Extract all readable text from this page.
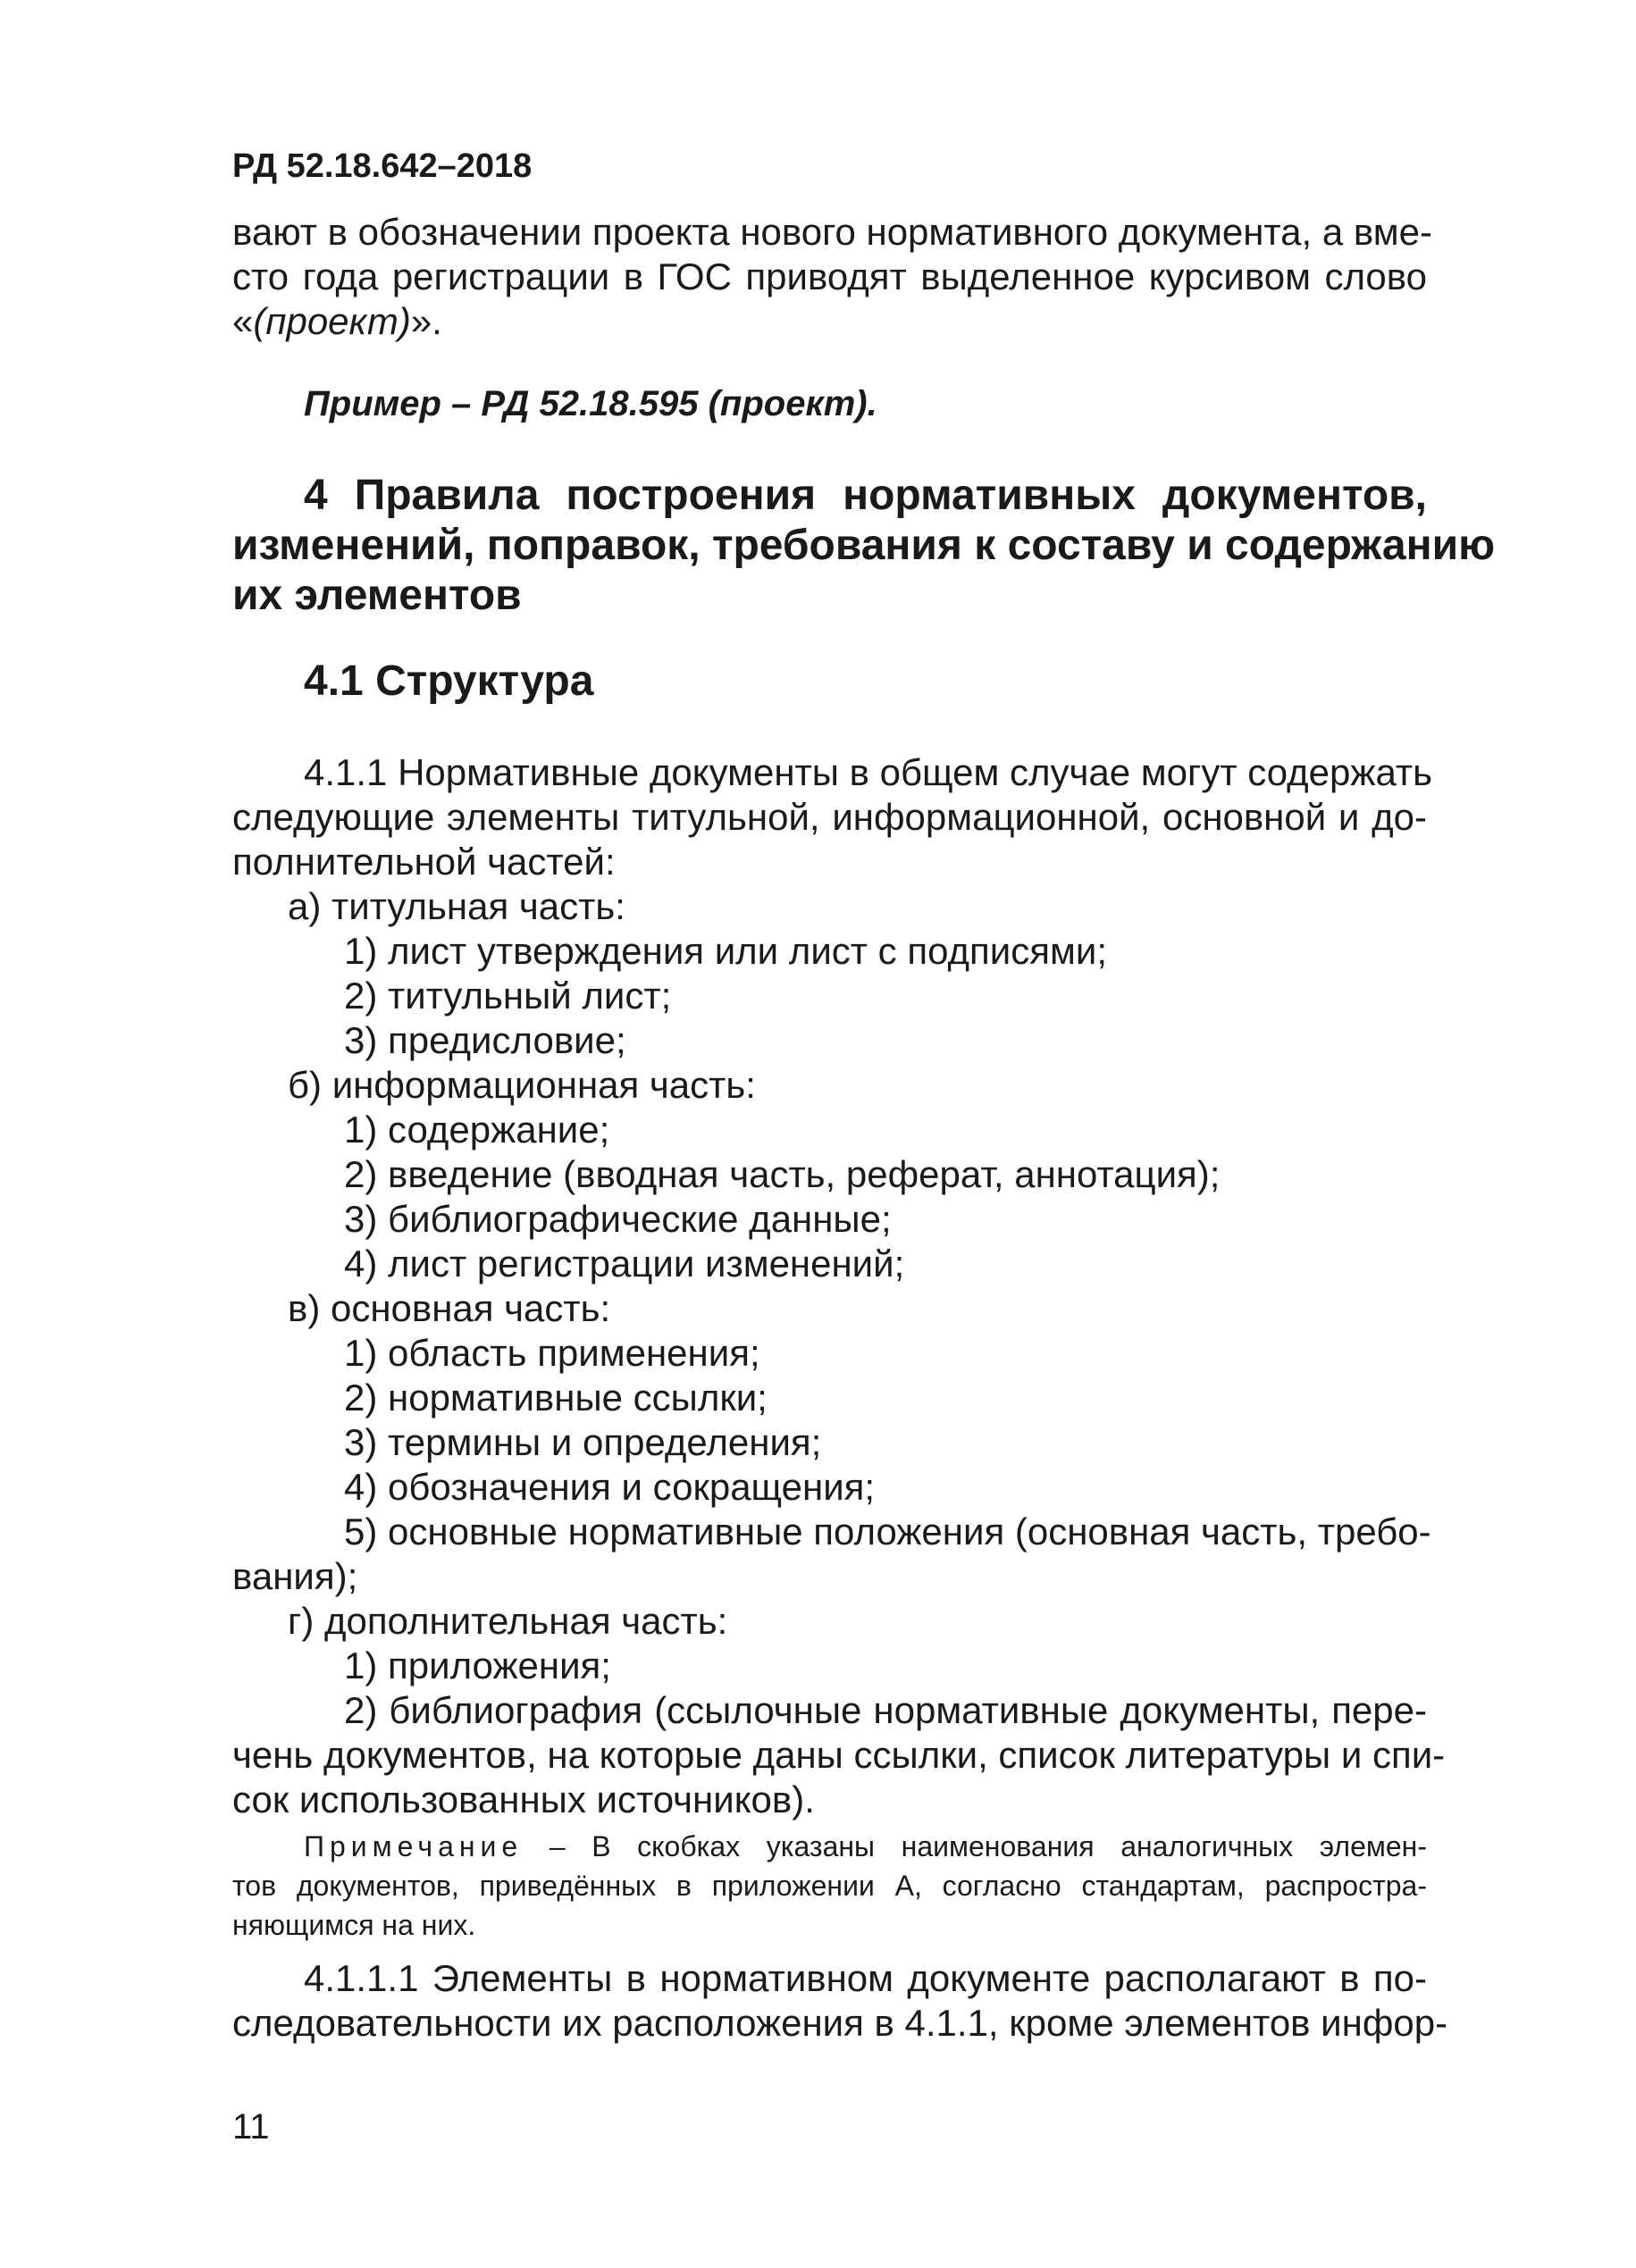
РД 52.18.642–2018
вают в обозначении проекта нового нормативного документа, а вме-
сто года регистрации в ГОС приводят выделенное курсивом слово
«(проект)».
Пример – РД 52.18.595 (проект).
4 Правила построения нормативных документов,
изменений, поправок, требования к составу и содержанию
их элементов
4.1 Структура
4.1.1 Нормативные документы в общем случае могут содержать
следующие элементы титульной, информационной, основной и до-
полнительной частей:
а) титульная часть:
1) лист утверждения или лист с подписями;
2) титульный лист;
3) предисловие;
б) информационная часть:
1) содержание;
2) введение (вводная часть, реферат, аннотация);
3) библиографические данные;
4) лист регистрации изменений;
в) основная часть:
1) область применения;
2) нормативные ссылки;
3) термины и определения;
4) обозначения и сокращения;
5) основные нормативные положения (основная часть, требо-
вания);
г) дополнительная часть:
1) приложения;
2) библиография (ссылочные нормативные документы, пере-
чень документов, на которые даны ссылки, список литературы и спи-
сок использованных источников).
Примечание – В скобках указаны наименования аналогичных элемен-
тов документов, приведённых в приложении А, согласно стандартам, распростра-
няющимся на них.
4.1.1.1 Элементы в нормативном документе располагают в по-
следовательности их расположения в 4.1.1, кроме элементов инфор-
11
